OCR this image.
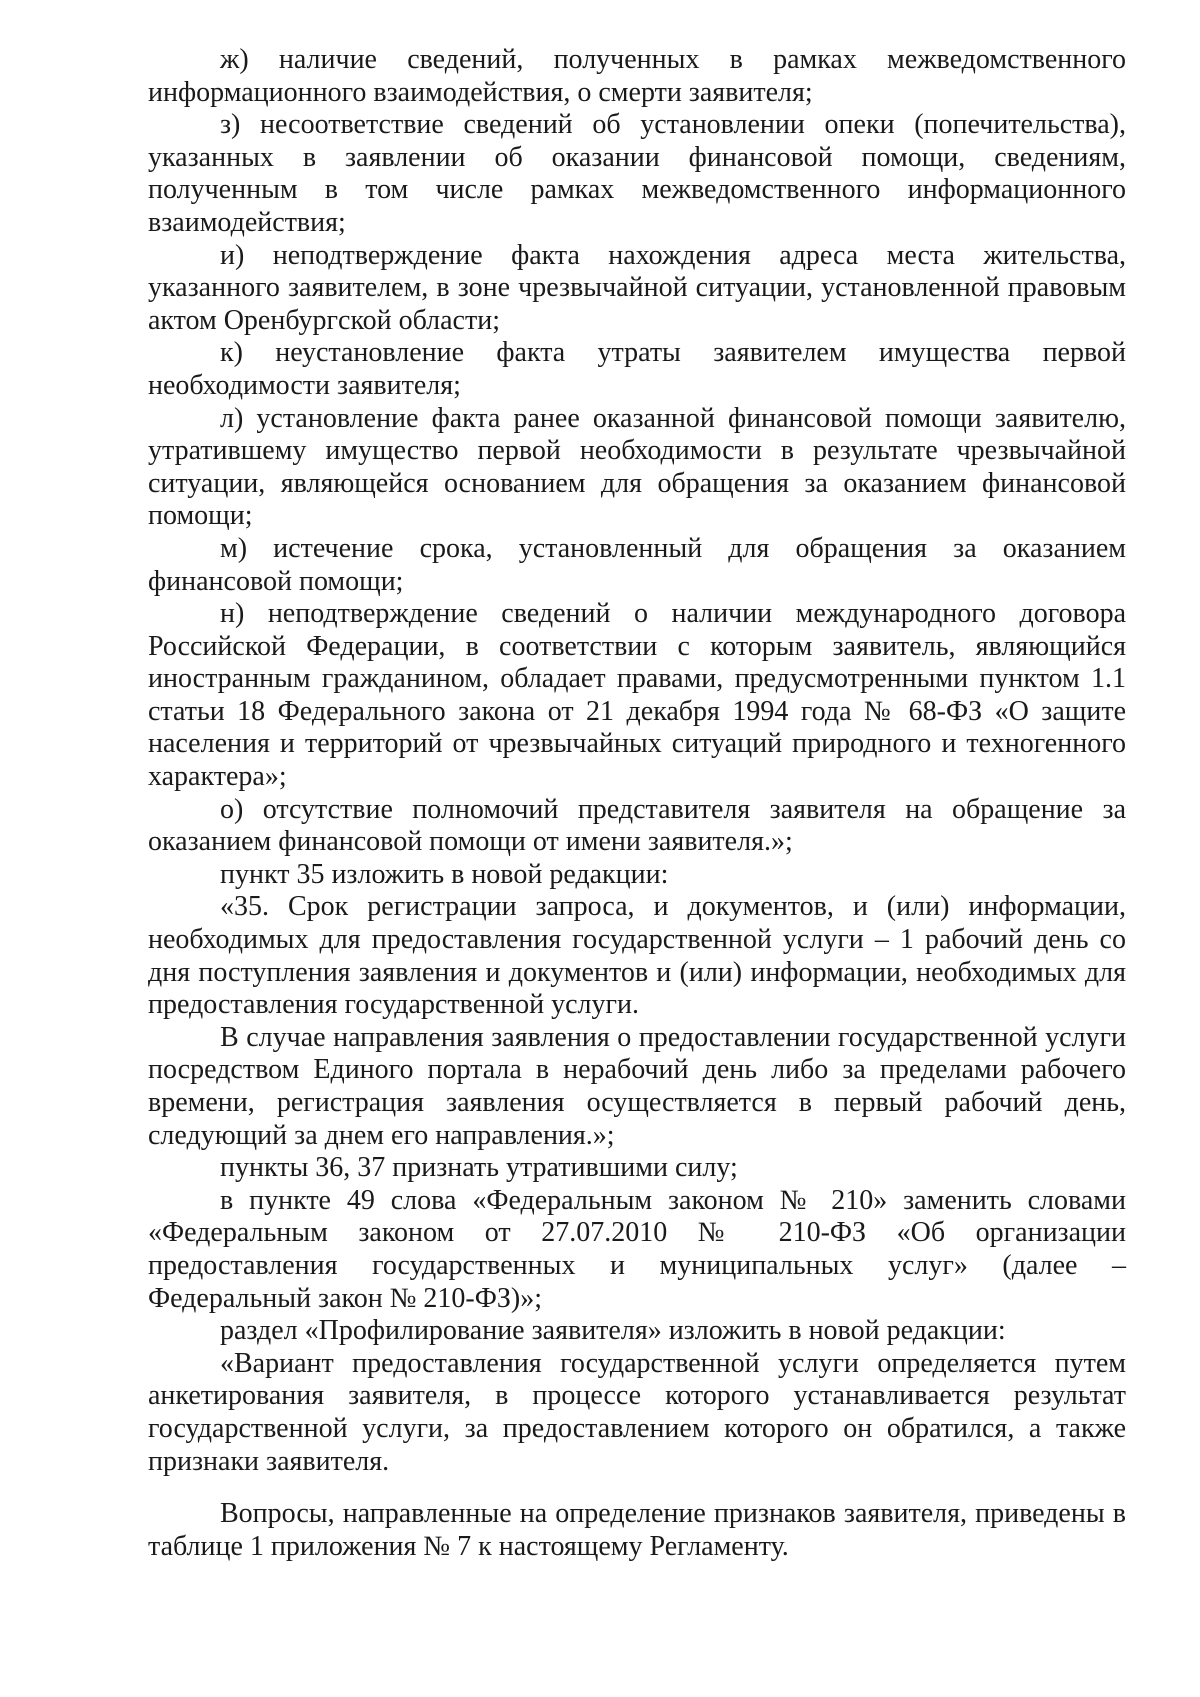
ж) наличие сведений, полученных в рамках межведомственного информационного взаимодействия, о смерти заявителя;

з) несоответствие сведений об установлении опеки (попечительства), указанных в заявлении об оказании финансовой помощи, сведениям, полученным в том числе рамках межведомственного информационного взаимодействия;

и) неподтверждение факта нахождения адреса места жительства, указанного заявителем, в зоне чрезвычайной ситуации, установленной правовым актом Оренбургской области;

к) неустановление факта утраты заявителем имущества первой необходимости заявителя;

л) установление факта ранее оказанной финансовой помощи заявителю, утратившему имущество первой необходимости в результате чрезвычайной ситуации, являющейся основанием для обращения за оказанием финансовой помощи;

м) истечение срока, установленный для обращения за оказанием финансовой помощи;

н) неподтверждение сведений о наличии международного договора Российской Федерации, в соответствии с которым заявитель, являющийся иностранным гражданином, обладает правами, предусмотренными пунктом 1.1 статьи 18 Федерального закона от 21 декабря 1994 года № 68-ФЗ «О защите населения и территорий от чрезвычайных ситуаций природного и техногенного характера»;

о) отсутствие полномочий представителя заявителя на обращение за оказанием финансовой помощи от имени заявителя.»;

пункт 35 изложить в новой редакции:

«35. Срок регистрации запроса, и документов, и (или) информации, необходимых для предоставления государственной услуги – 1 рабочий день со дня поступления заявления и документов и (или) информации, необходимых для предоставления государственной услуги.

В случае направления заявления о предоставлении государственной услуги посредством Единого портала в нерабочий день либо за пределами рабочего времени, регистрация заявления осуществляется в первый рабочий день, следующий за днем его направления.»;

пункты 36, 37 признать утратившими силу;

в пункте 49 слова «Федеральным законом № 210» заменить словами «Федеральным законом от 27.07.2010 № 210-ФЗ «Об организации предоставления государственных и муниципальных услуг» (далее – Федеральный закон № 210-ФЗ)»;

раздел «Профилирование заявителя» изложить в новой редакции:

«Вариант предоставления государственной услуги определяется путем анкетирования заявителя, в процессе которого устанавливается результат государственной услуги, за предоставлением которого он обратился, а также признаки заявителя.

Вопросы, направленные на определение признаков заявителя, приведены в таблице 1 приложения № 7 к настоящему Регламенту.
